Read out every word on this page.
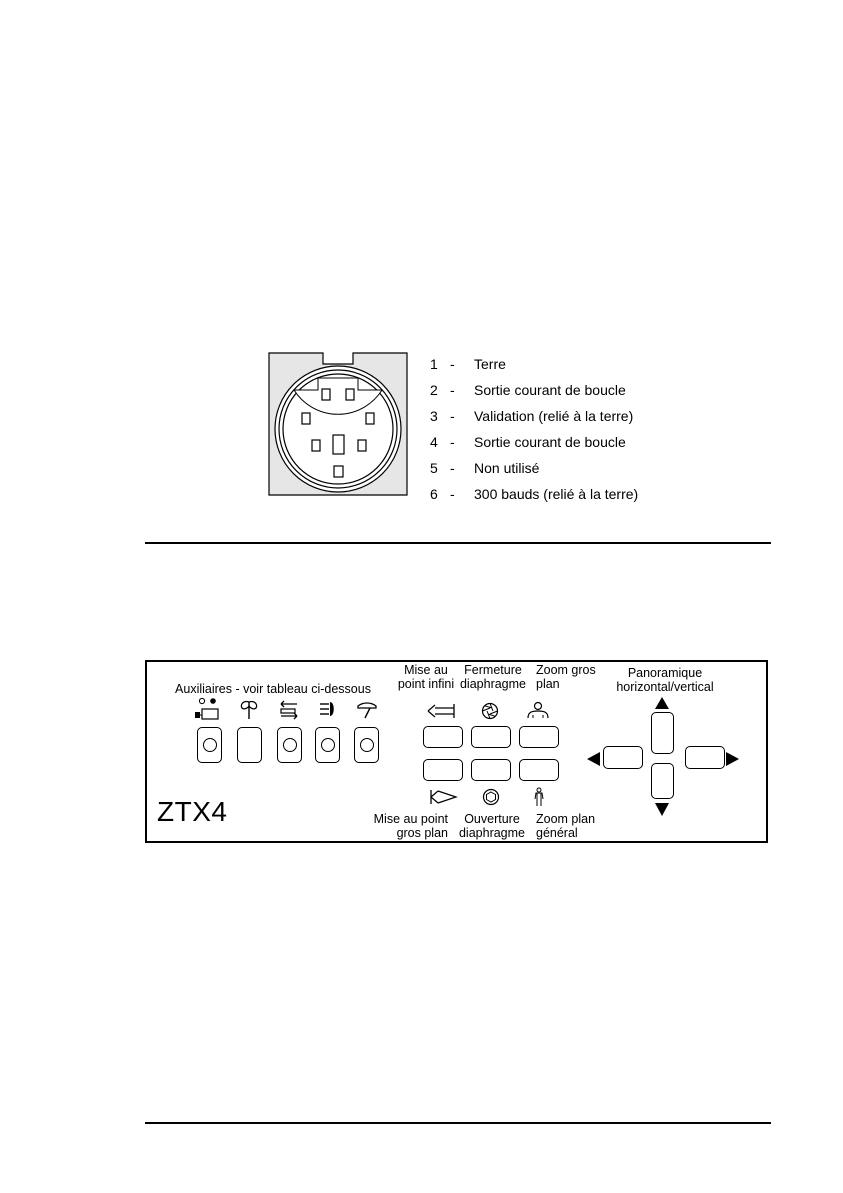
1 -	Terre
2 -	Sortie courant de boucle
3 -	Validation (relié à la terre)
4 -	Sortie courant de boucle
5 -	Non utilisé
6 -	300 bauds (relié à la terre)
Auxiliaires - voir tableau ci-dessous
Mise au
point infini
Fermeture
diaphragme
Zoom gros
plan
Panoramique
horizontal/vertical
Mise au point
gros plan
Ouverture
diaphragme
Zoom plan
général
ZTX4
